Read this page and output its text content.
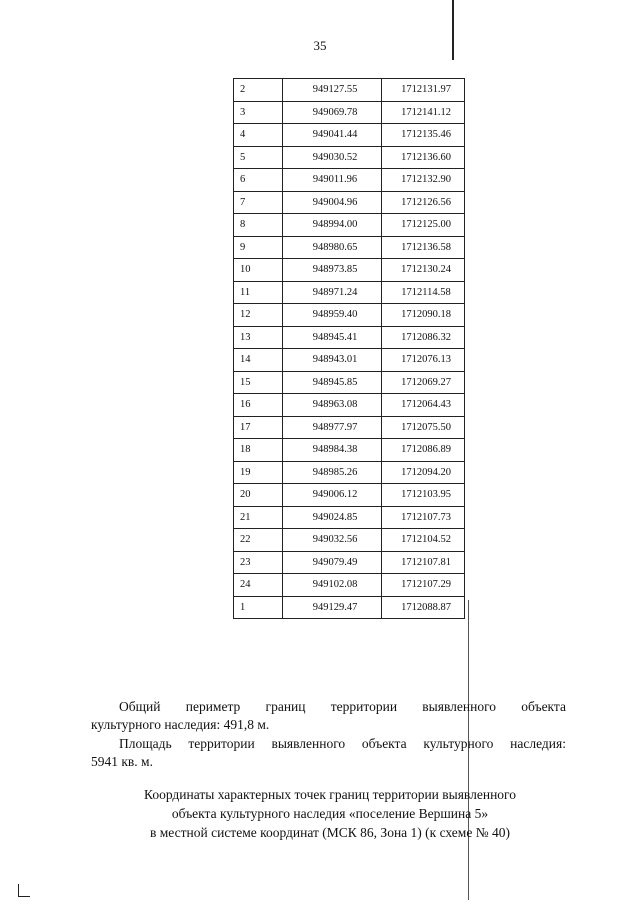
35
2	949127.55	1712131.97
3	949069.78	1712141.12
4	949041.44	1712135.46
5	949030.52	1712136.60
6	949011.96	1712132.90
7	949004.96	1712126.56
8	948994.00	1712125.00
9	948980.65	1712136.58
10	948973.85	1712130.24
11	948971.24	1712114.58
12	948959.40	1712090.18
13	948945.41	1712086.32
14	948943.01	1712076.13
15	948945.85	1712069.27
16	948963.08	1712064.43
17	948977.97	1712075.50
18	948984.38	1712086.89
19	948985.26	1712094.20
20	949006.12	1712103.95
21	949024.85	1712107.73
22	949032.56	1712104.52
23	949079.49	1712107.81
24	949102.08	1712107.29
1	949129.47	1712088.87
Общий периметр границ территории выявленного объекта
культурного наследия: 491,8 м.
Площадь территории выявленного объекта культурного наследия:
5941 кв. м.
Координаты характерных точек границ территории выявленного
объекта культурного наследия «поселение Вершина 5»
в местной системе координат (МСК 86, Зона 1) (к схеме № 40)
